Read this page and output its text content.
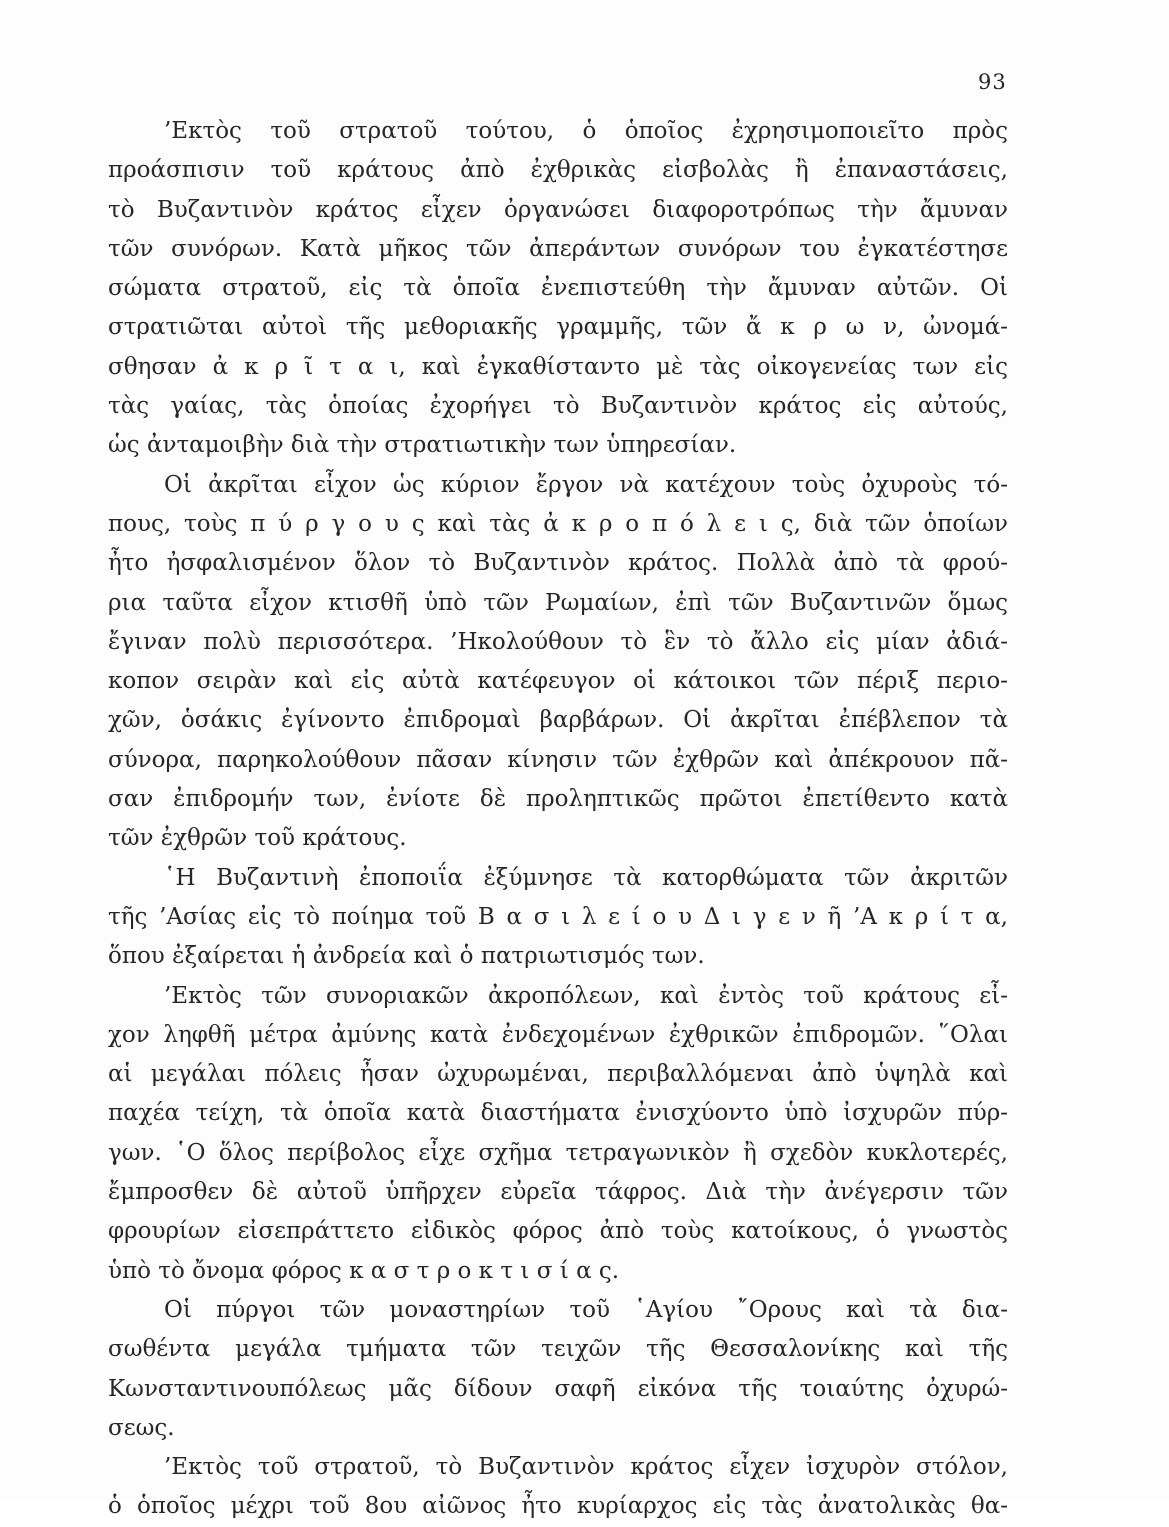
93
’Εκτὸς τοῦ στρατοῦ τούτου, ὁ ὁποῖος ἐχρησιμοποιεῖτο πρὸς
προάσπισιν τοῦ κράτους ἀπὸ ἐχθρικὰς εἰσβολὰς ἢ ἐπαναστάσεις,
τὸ Βυζαντινὸν κράτος εἶχεν ὀργανώσει διαφοροτρόπως τὴν ἄμυναν
τῶν συνόρων. Κατὰ μῆκος τῶν ἀπεράντων συνόρων του ἐγκατέστησε
σώματα στρατοῦ, εἰς τὰ ὁποῖα ἐνεπιστεύθη τὴν ἄμυναν αὐτῶν. Οἱ
στρατιῶται αὐτοὶ τῆς μεθοριακῆς γραμμῆς, τῶν ἄ κ ρ ω ν, ὠνομά-
σθησαν ἀ κ ρ ῖ τ α ι, καὶ ἐγκαθίσταντο μὲ τὰς οἰκογενείας των εἰς
τὰς γαίας, τὰς ὁποίας ἐχορήγει τὸ Βυζαντινὸν κράτος εἰς αὐτούς,
ὡς ἀνταμοιβὴν διὰ τὴν στρατιωτικὴν των ὑπηρεσίαν.
Οἱ ἀκρῖται εἶχον ὡς κύριον ἔργον νὰ κατέχουν τοὺς ὀχυροὺς τό-
πους, τοὺς π ύ ρ γ ο υ ς καὶ τὰς ἀ κ ρ ο π ό λ ε ι ς, διὰ τῶν ὁποίων
ἦτο ἠσφαλισμένον ὅλον τὸ Βυζαντινὸν κράτος. Πολλὰ ἀπὸ τὰ φρού-
ρια ταῦτα εἶχον κτισθῆ ὑπὸ τῶν Ρωμαίων, ἐπὶ τῶν Βυζαντινῶν ὅμως
ἔγιναν πολὺ περισσότερα. ’Ηκολούθουν τὸ ἓν τὸ ἄλλο εἰς μίαν ἀδιά-
κοπον σειρὰν καὶ εἰς αὐτὰ κατέφευγον οἱ κάτοικοι τῶν πέριξ περιο-
χῶν, ὁσάκις ἐγίνοντο ἐπιδρομαὶ βαρβάρων. Οἱ ἀκρῖται ἐπέβλεπον τὰ
σύνορα, παρηκολούθουν πᾶσαν κίνησιν τῶν ἐχθρῶν καὶ ἀπέκρουον πᾶ-
σαν ἐπιδρομήν των, ἐνίοτε δὲ προληπτικῶς πρῶτοι ἐπετίθεντο κατὰ
τῶν ἐχθρῶν τοῦ κράτους.
῾Η Βυζαντινὴ ἐποποιΐα ἐξύμνησε τὰ κατορθώματα τῶν ἀκριτῶν
τῆς ’Ασίας εἰς τὸ ποίημα τοῦ Β α σ ι λ ε ί ο υ Δ ι γ ε ν ῆ ’Α κ ρ ί τ α,
ὅπου ἐξαίρεται ἡ ἀνδρεία καὶ ὁ πατριωτισμός των.
’Εκτὸς τῶν συνοριακῶν ἀκροπόλεων, καὶ ἐντὸς τοῦ κράτους εἶ-
χον ληφθῆ μέτρα ἀμύνης κατὰ ἐνδεχομένων ἐχθρικῶν ἐπιδρομῶν. ῞Ολαι
αἱ μεγάλαι πόλεις ἦσαν ὠχυρωμέναι, περιβαλλόμεναι ἀπὸ ὑψηλὰ καὶ
παχέα τείχη, τὰ ὁποῖα κατὰ διαστήματα ἐνισχύοντο ὑπὸ ἰσχυρῶν πύρ-
γων. ῾Ο ὅλος περίβολος εἶχε σχῆμα τετραγωνικὸν ἢ σχεδὸν κυκλοτερές,
ἔμπροσθεν δὲ αὐτοῦ ὑπῆρχεν εὐρεῖα τάφρος. Διὰ τὴν ἀνέγερσιν τῶν
φρουρίων εἰσεπράττετο εἰδικὸς φόρος ἀπὸ τοὺς κατοίκους, ὁ γνωστὸς
ὑπὸ τὸ ὄνομα φόρος κ α σ τ ρ ο κ τ ι σ ί α ς.
Οἱ πύργοι τῶν μοναστηρίων τοῦ ῾Αγίου ῎Ορους καὶ τὰ δια-
σωθέντα μεγάλα τμήματα τῶν τειχῶν τῆς Θεσσαλονίκης καὶ τῆς
Κωνσταντινουπόλεως μᾶς δίδουν σαφῆ εἰκόνα τῆς τοιαύτης ὀχυρώ-
σεως.
’Εκτὸς τοῦ στρατοῦ, τὸ Βυζαντινὸν κράτος εἶχεν ἰσχυρὸν στόλον,
ὁ ὁποῖος μέχρι τοῦ 8ου αἰῶνος ἦτο κυρίαρχος εἰς τὰς ἀνατολικὰς θα-
